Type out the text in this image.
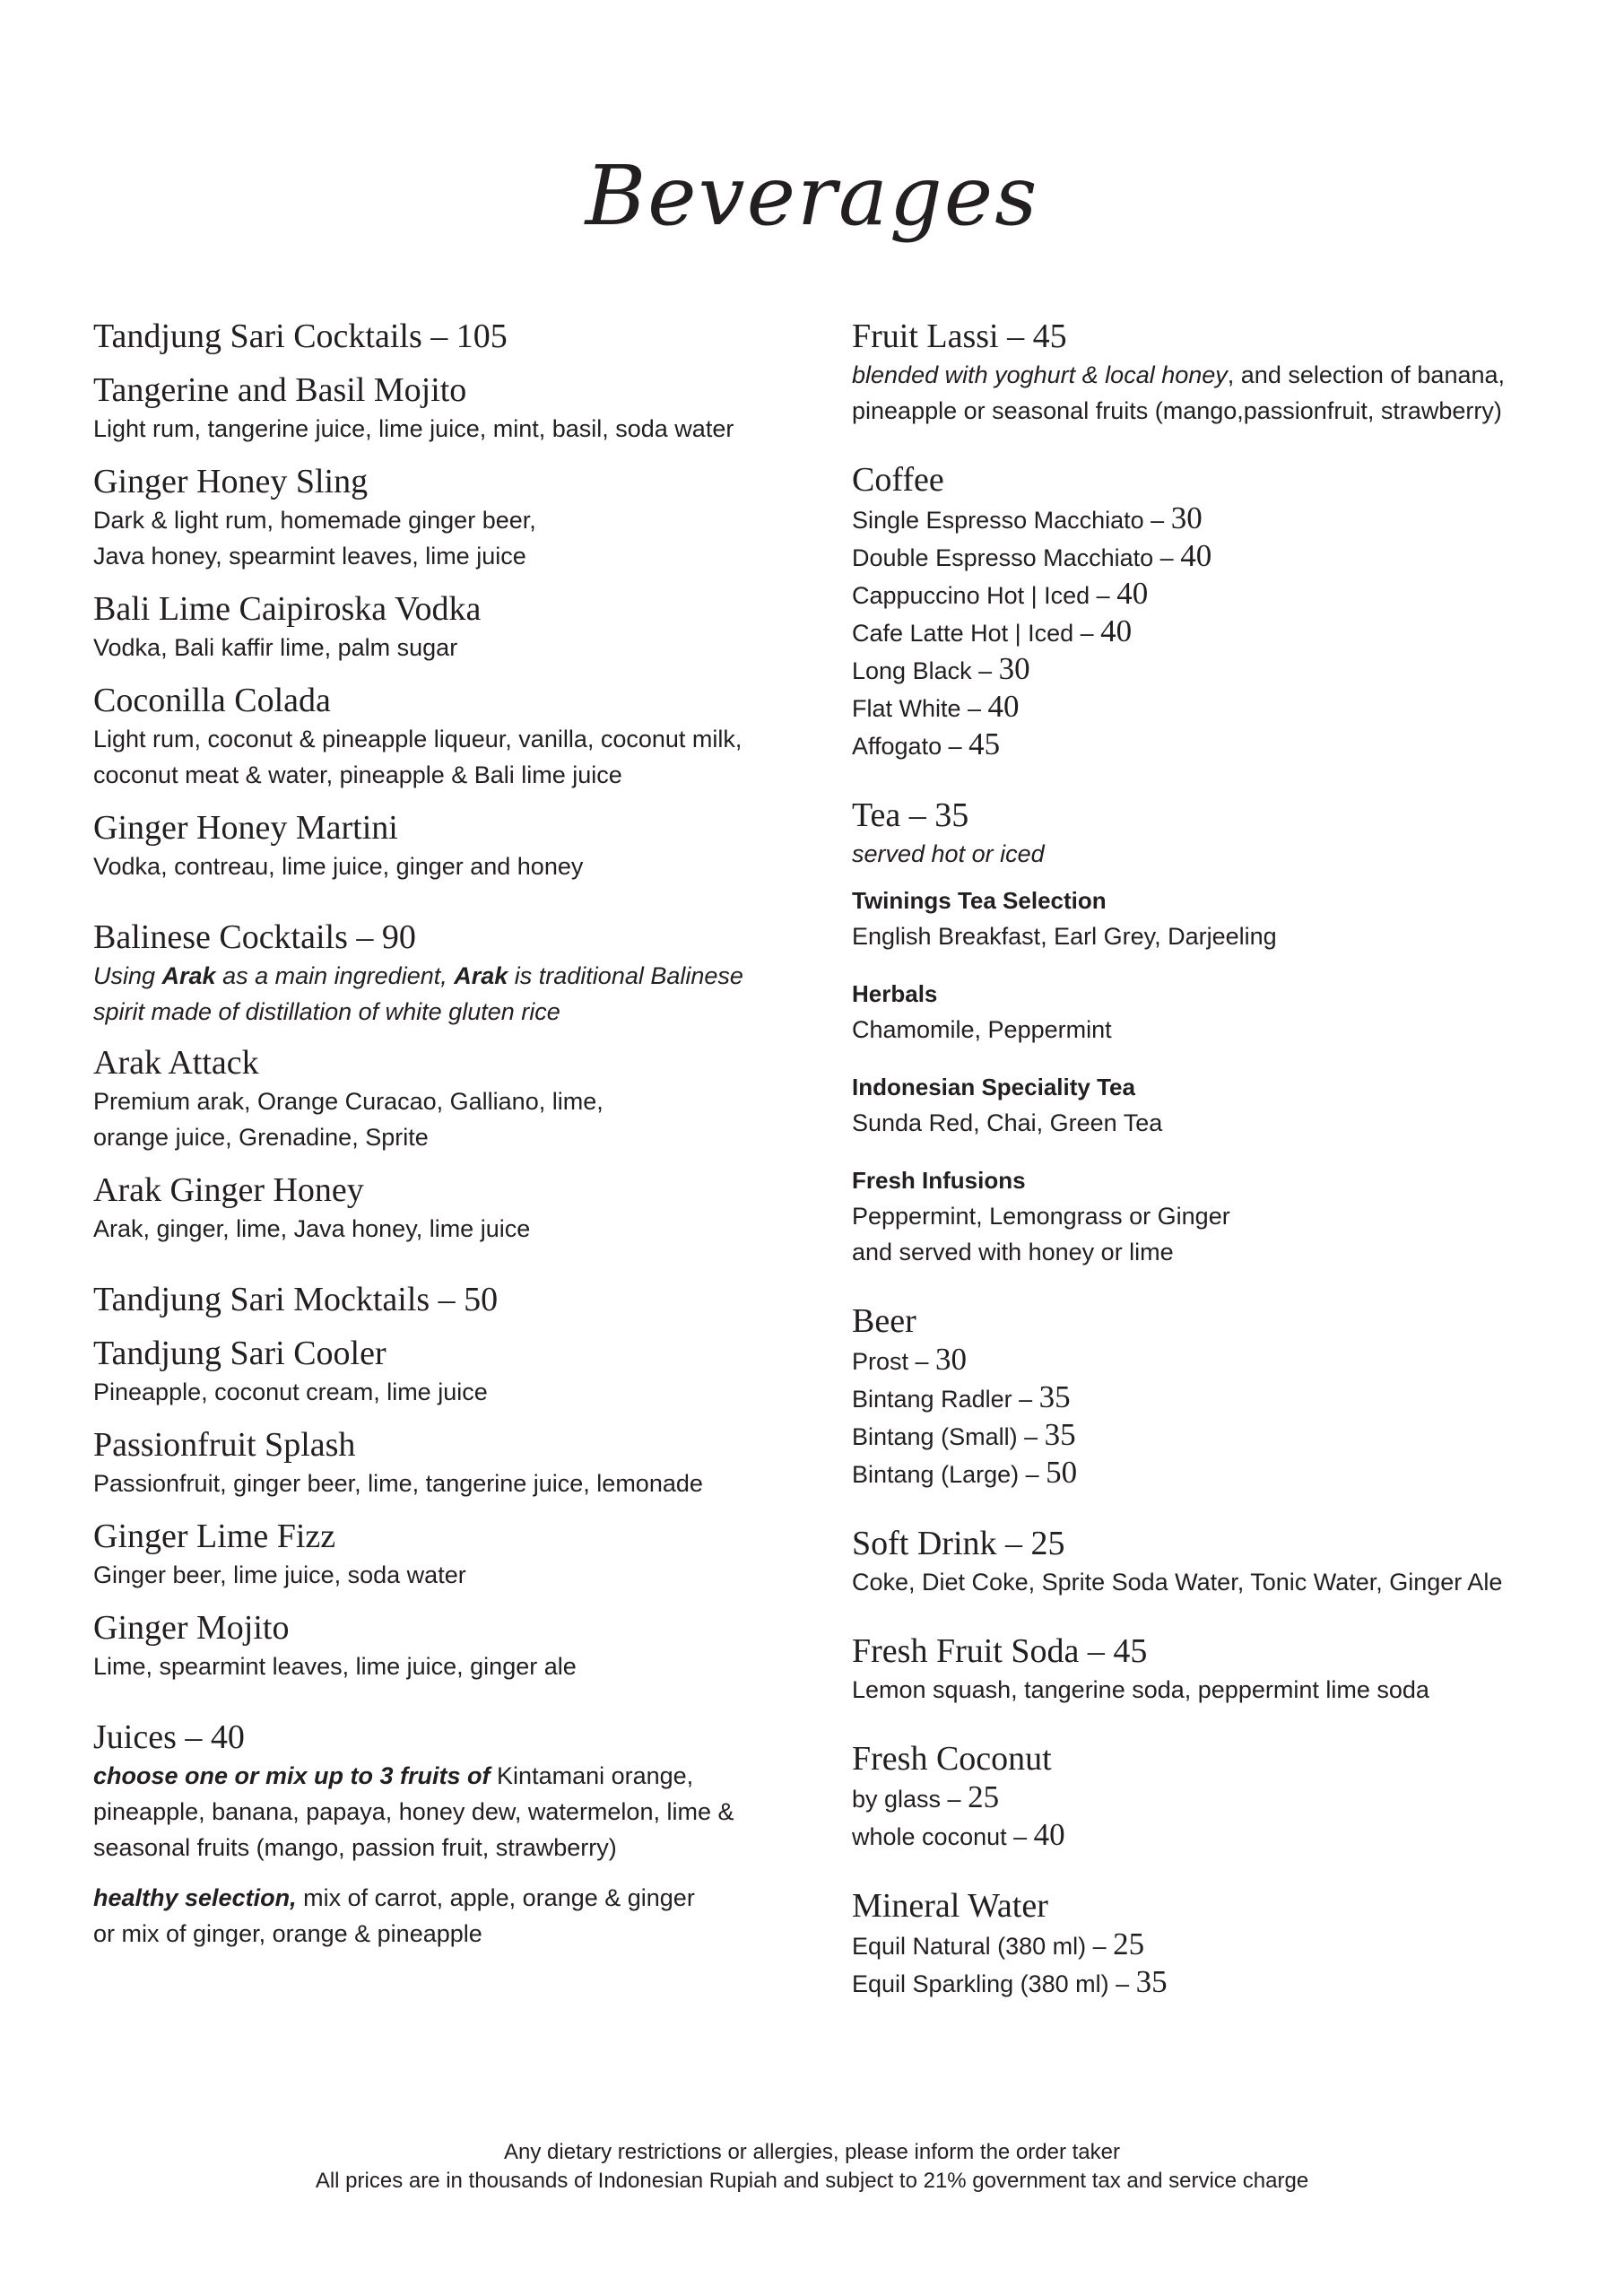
Beverages

Tandjung Sari Cocktails – 105

Tangerine and Basil Mojito

Light rum, tangerine juice, lime juice, mint, basil, soda water

Ginger Honey Sling

Dark & light rum, homemade ginger beer,

Java honey, spearmint leaves, lime juice

Bali Lime Caipiroska Vodka

Vodka, Bali kaffir lime, palm sugar

Coconilla Colada

Light rum, coconut & pineapple liqueur, vanilla, coconut milk,

coconut meat & water, pineapple & Bali lime juice

Ginger Honey Martini

Vodka, contreau, lime juice, ginger and honey

Balinese Cocktails – 90

Using Arak as a main ingredient, Arak is traditional Balinese

spirit made of distillation of white gluten rice

Arak Attack

Premium arak, Orange Curacao, Galliano, lime,

orange juice, Grenadine, Sprite

Arak Ginger Honey

Arak, ginger, lime, Java honey, lime juice

Tandjung Sari Mocktails – 50

Tandjung Sari Cooler

Pineapple, coconut cream, lime juice

Passionfruit Splash

Passionfruit, ginger beer, lime, tangerine juice, lemonade

Ginger Lime Fizz

Ginger beer, lime juice, soda water

Ginger Mojito

Lime, spearmint leaves, lime juice, ginger ale

Juices – 40

choose one or mix up to 3 fruits of Kintamani orange,

pineapple, banana, papaya, honey dew, watermelon, lime &

seasonal fruits (mango, passion fruit, strawberry)

healthy selection, mix of carrot, apple, orange & ginger

or mix of ginger, orange & pineapple

Fruit Lassi – 45

blended with yoghurt & local honey, and selection of banana,

pineapple or seasonal fruits (mango,passionfruit, strawberry)

Coffee

Single Espresso Macchiato – 30

Double Espresso Macchiato – 40

Cappuccino Hot | Iced – 40

Cafe Latte Hot | Iced – 40

Long Black – 30

Flat White – 40

Affogato – 45

Tea – 35

served hot or iced

Twinings Tea Selection

English Breakfast, Earl Grey, Darjeeling

Herbals

Chamomile, Peppermint

Indonesian Speciality Tea

Sunda Red, Chai, Green Tea

Fresh Infusions

Peppermint, Lemongrass or Ginger

and served with honey or lime

Beer

Prost – 30

Bintang Radler – 35

Bintang (Small) – 35

Bintang (Large) – 50

Soft Drink – 25

Coke, Diet Coke, Sprite Soda Water, Tonic Water, Ginger Ale

Fresh Fruit Soda – 45

Lemon squash, tangerine soda, peppermint lime soda

Fresh Coconut

by glass – 25

whole coconut – 40

Mineral Water

Equil Natural (380 ml) – 25

Equil Sparkling (380 ml) – 35

Any dietary restrictions or allergies, please inform the order taker
All prices are in thousands of Indonesian Rupiah and subject to 21% government tax and service charge
